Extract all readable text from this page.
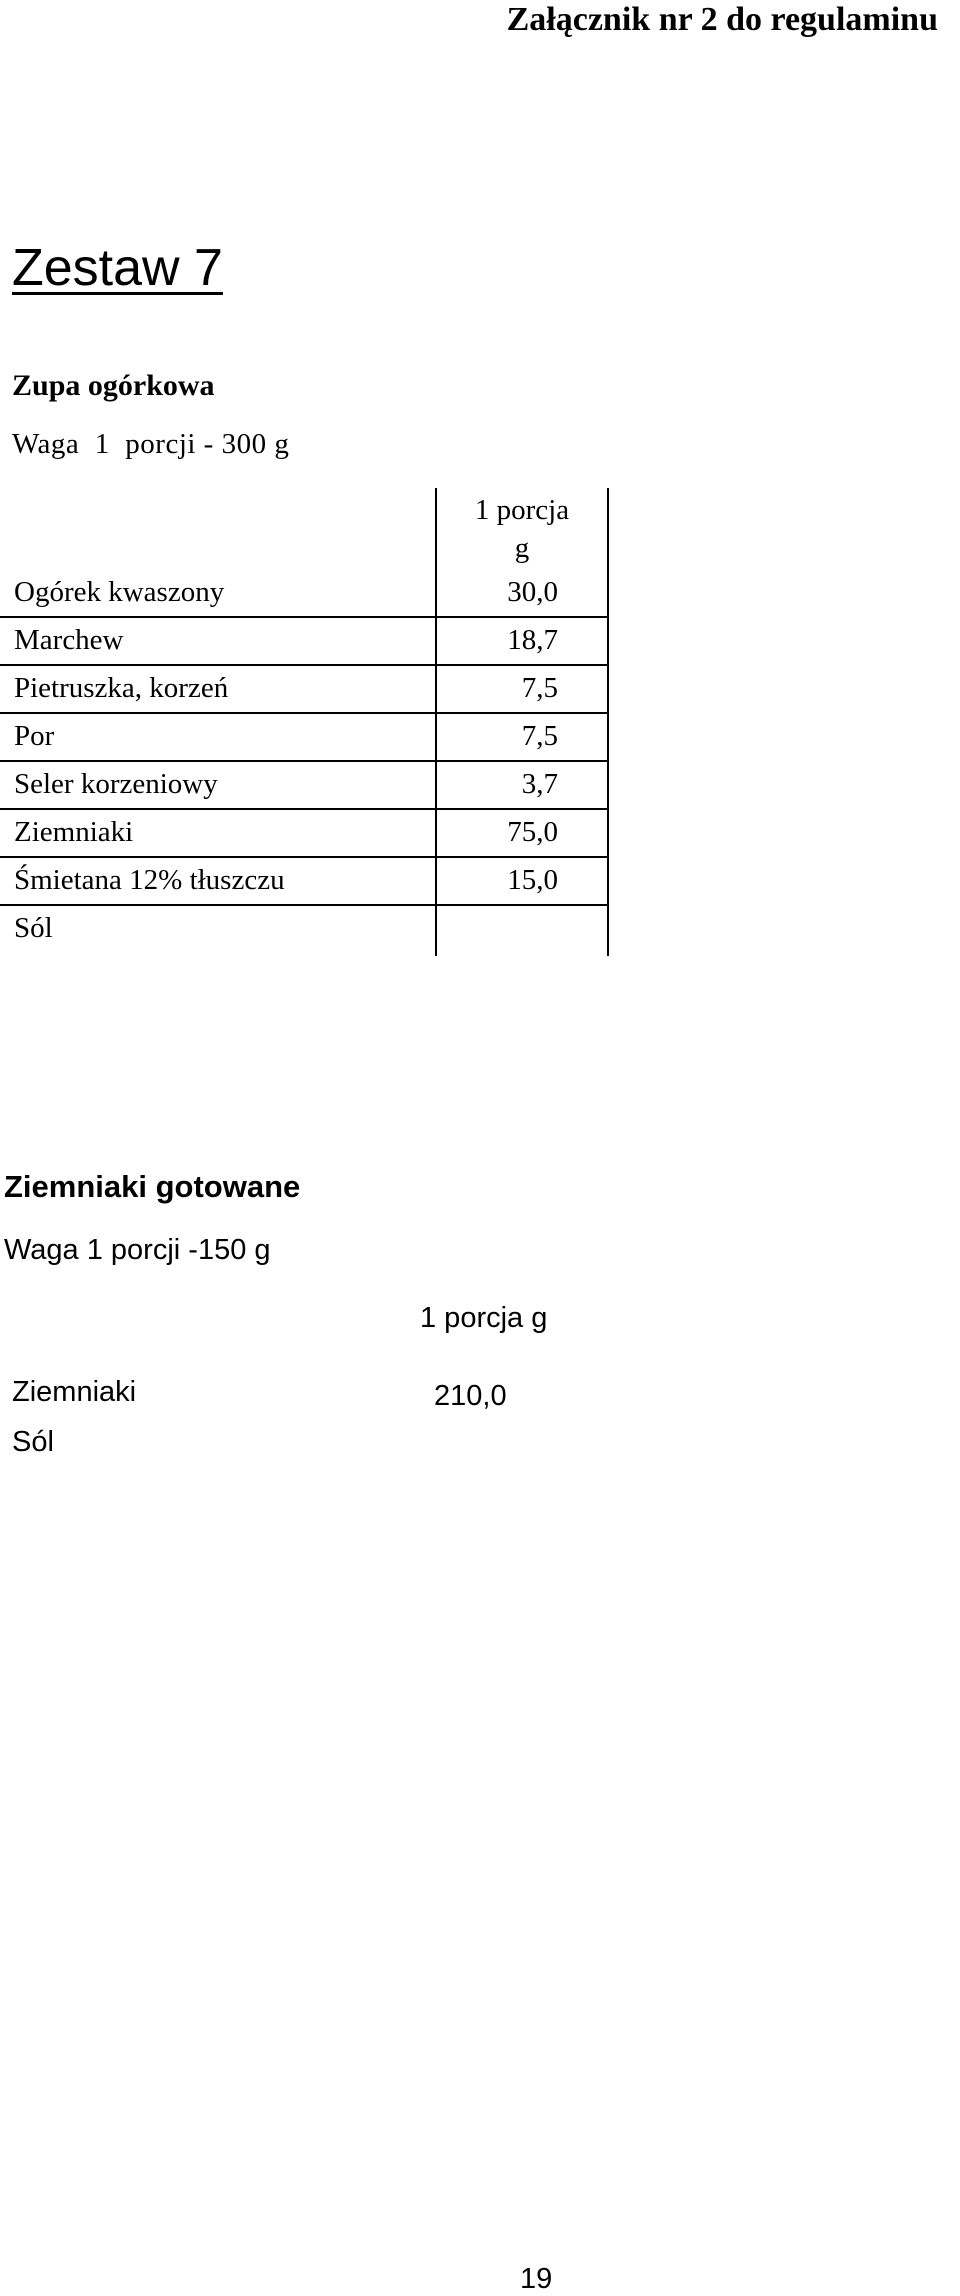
Załącznik nr 2 do regulaminu
Zestaw 7
Zupa ogórkowa
Waga  1  porcji - 300 g
1 porcja
g
Ogórek kwaszony	30,0
Marchew	18,7
Pietruszka, korzeń	7,5
Por	7,5
Seler korzeniowy	3,7
Ziemniaki	75,0
Śmietana 12% tłuszczu	15,0
Sól
Ziemniaki gotowane
Waga 1 porcji -150 g
1 porcja g
Ziemniaki	210,0
Sól
19
